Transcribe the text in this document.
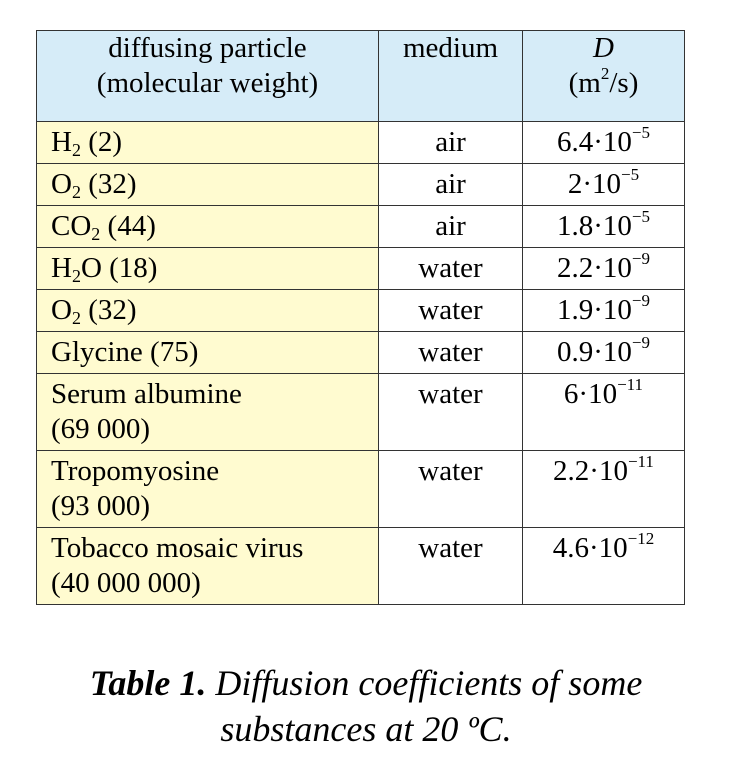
diffusing particle
(molecular weight)	medium	D
$(m^2/s)$
$H_2$ (2)	air	$6.4\cdot 10^{-5}$
$O_2$ (32)	air	$2\cdot 10^{-5}$
$CO_2$ (44)	air	$1.8\cdot 10^{-5}$
$H_2O$ (18)	water	$2.2\cdot 10^{-9}$
$O_2$ (32)	water	$1.9\cdot 10^{-9}$
Glycine (75)	water	$0.9\cdot 10^{-9}$
Serum albumine
(69 000)	water	$6\cdot 10^{-11}$
Tropomyosine
(93 000)	water	$2.2\cdot 10^{-11}$
Tobacco mosaic virus
(40 000 000)	water	$4.6\cdot 10^{-12}$
Table 1. Diffusion coefficients of some
substances at 20 ºC.
